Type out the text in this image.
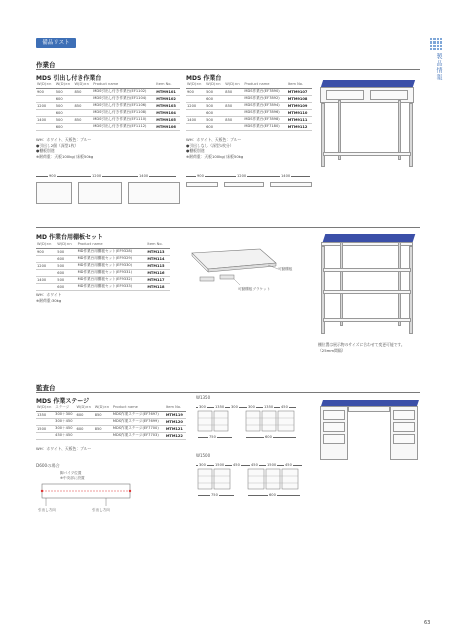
備品リスト
製品情報
作業台
MDS 引出し付き作業台
W(D)×n	W(D)×n	W(D)×n	Product name	Item No.
900	500	850	MDS引出し付き作業台(EF1102)	MTM9101
	600		MDS引出し付き作業台(EF1104)	MTM9102
1200	500	850	MDS引出し付き作業台(EF1106)	MTM9103
	600		MDS引出し付き作業台(EF1108)	MTM9104
1400	500	850	MDS引出し付き作業台(EF1110)	MTM9105
	600		MDS引出し付き作業台(EF1112)	MTM9106
WH：ホワイト、天板色：ブルー
●引出し2個（深型1枚）
●棚板別途
※耐荷重：天板100kg/ 床板50kg
900	1200	1400
MDS 作業台
W(D)×n	W(D)×n	W(D)×n	Product name	Item No.
900	500	850	MDS作業台(EF7890)	MTM9107
	600		MDS作業台(EF7892)	MTM9108
1200	500	850	MDS作業台(EF7894)	MTM9109
	600		MDS作業台(EF7896)	MTM9110
1400	500	850	MDS作業台(EF7898)	MTM9111
	600		MDS作業台(EF7180)	MTM9112
WH：ホワイト、天板色：ブルー
●引出しなし（深型1枚分）
●棚板別途
※耐荷重：天板100kg/ 床板50kg
900	1200	1400
MD 作業台用棚板セット
W(D)×n	W(D)×n	Product name	Item No.
900	500	MD作業台用棚板セット(EF9328)	MTM113
	600	MD作業台用棚板セット(EF9329)	MTM114
1200	500	MD作業台用棚板セット(EF9330)	MTM115
	600	MD作業台用棚板セット(EF9331)	MTM116
1400	500	MD作業台用棚板セット(EF9332)	MTM117
	600	MD作業台用棚板セット(EF9333)	MTM118
WH：ホワイト
※耐荷重:30kg
可動棚板
可動棚板ブラケット
棚位置は展示物のサイズに合わせて変更可能です。
（25mm間隔）
監査台
MDS 作業ステージ
W(D)×n	ステージ	W(D)×n	W(D)×n	Product name	Item No.
1350	300＋300	600	850	MDS作業ステージ(EF7697)	MTM119
	300＋450			MDS作業ステージ(EF7699)	MTM120
1500	300＋450	600	850	MDS作業ステージ(EF7700)	MTM121
	450＋450			MDS作業ステージ(EF7703)	MTM122
WH：ホワイト、天板色：ブルー
D600の場合
脚パイプ位置
※中央部に設置
引出し方向	引出し方向
W1350
300	1350 300	300	1350 450
750	600
W1500
300	1500 450	450	1500 450
750	600
63
